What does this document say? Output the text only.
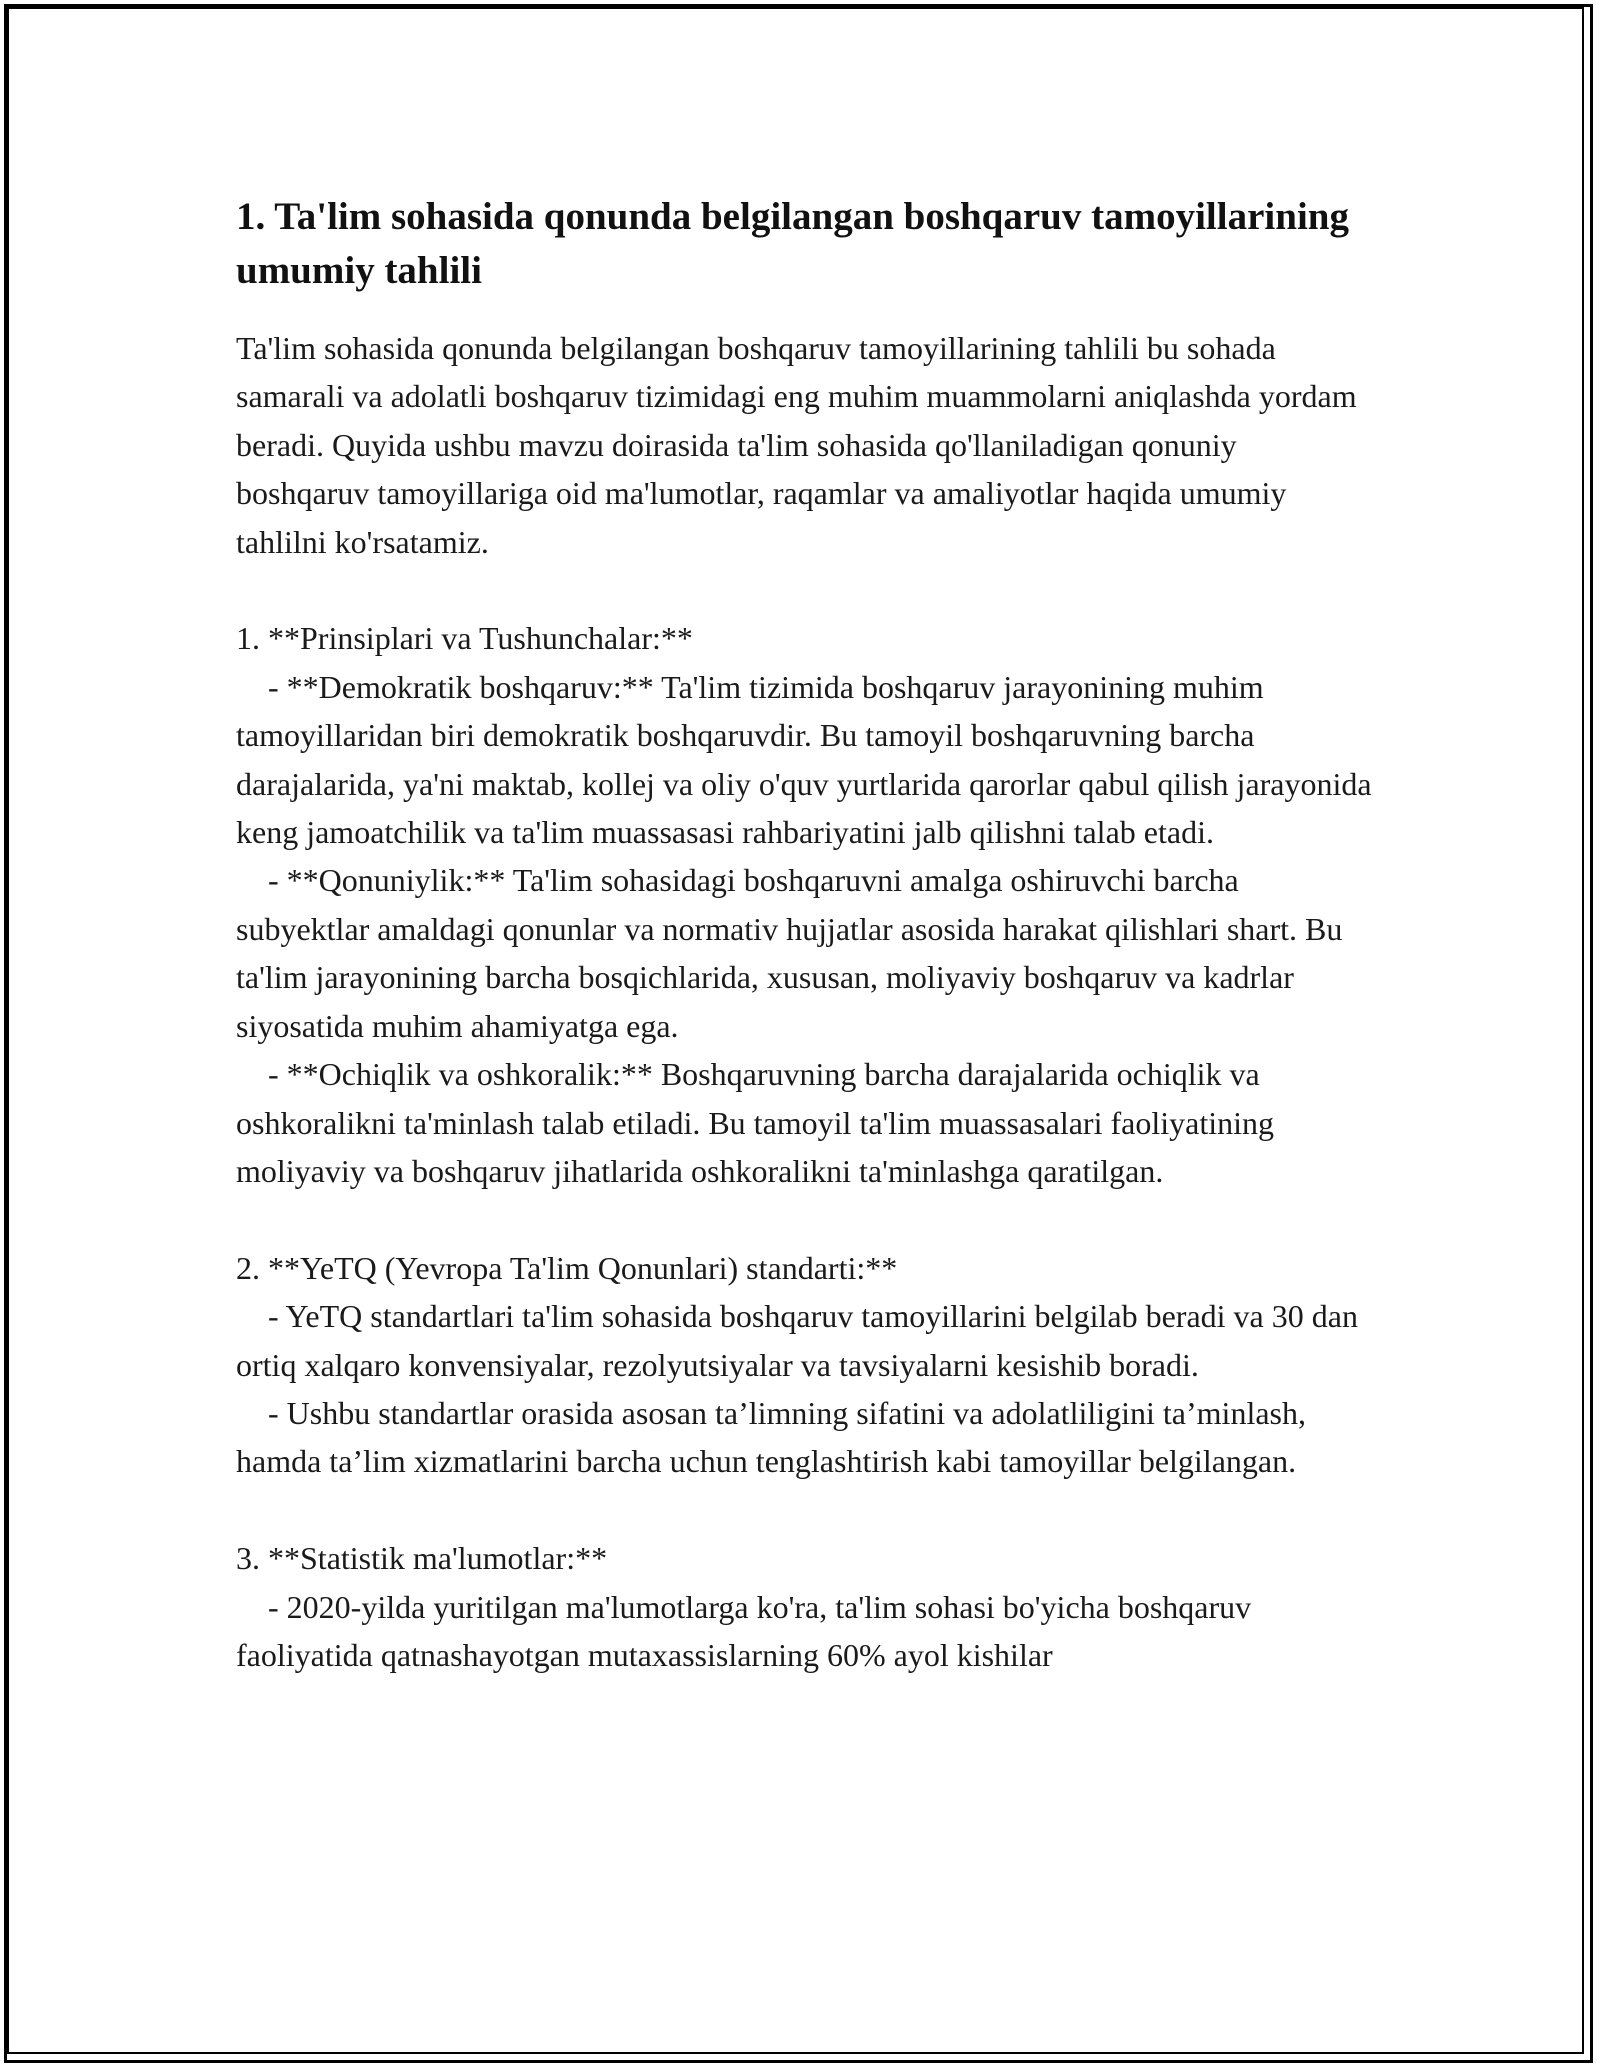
1. Ta'lim sohasida qonunda belgilangan boshqaruv tamoyillarining umumiy tahlili
Ta'lim sohasida qonunda belgilangan boshqaruv tamoyillarining tahlili bu sohada samarali va adolatli boshqaruv tizimidagi eng muhim muammolarni aniqlashda yordam beradi. Quyida ushbu mavzu doirasida ta'lim sohasida qo'llaniladigan qonuniy boshqaruv tamoyillariga oid ma'lumotlar, raqamlar va amaliyotlar haqida umumiy tahlilni ko'rsatamiz.

1. **Prinsiplari va Tushunchalar:**
- **Demokratik boshqaruv:** Ta'lim tizimida boshqaruv jarayonining muhim tamoyillaridan biri demokratik boshqaruvdir. Bu tamoyil boshqaruvning barcha darajalarida, ya'ni maktab, kollej va oliy o'quv yurtlarida qarorlar qabul qilish jarayonida keng jamoatchilik va ta'lim muassasasi rahbariyatini jalb qilishni talab etadi.
- **Qonuniylik:** Ta'lim sohasidagi boshqaruvni amalga oshiruvchi barcha subyektlar amaldagi qonunlar va normativ hujjatlar asosida harakat qilishlari shart. Bu ta'lim jarayonining barcha bosqichlarida, xususan, moliyaviy boshqaruv va kadrlar siyosatida muhim ahamiyatga ega.
- **Ochiqlik va oshkoralik:** Boshqaruvning barcha darajalarida ochiqlik va oshkoralikni ta'minlash talab etiladi. Bu tamoyil ta'lim muassasalari faoliyatining moliyaviy va boshqaruv jihatlarida oshkoralikni ta'minlashga qaratilgan.

2. **YeTQ (Yevropa Ta'lim Qonunlari) standarti:**
- YeTQ standartlari ta'lim sohasida boshqaruv tamoyillarini belgilab beradi va 30 dan ortiq xalqaro konvensiyalar, rezolyutsiyalar va tavsiyalarni kesishib boradi.
- Ushbu standartlar orasida asosan ta’limning sifatini va adolatliligini ta’minlash, hamda ta’lim xizmatlarini barcha uchun tenglashtirish kabi tamoyillar belgilangan.

3. **Statistik ma'lumotlar:**
- 2020-yilda yuritilgan ma'lumotlarga ko'ra, ta'lim sohasi bo'yicha boshqaruv faoliyatida qatnashayotgan mutaxassislarning 60% ayol kishilar
